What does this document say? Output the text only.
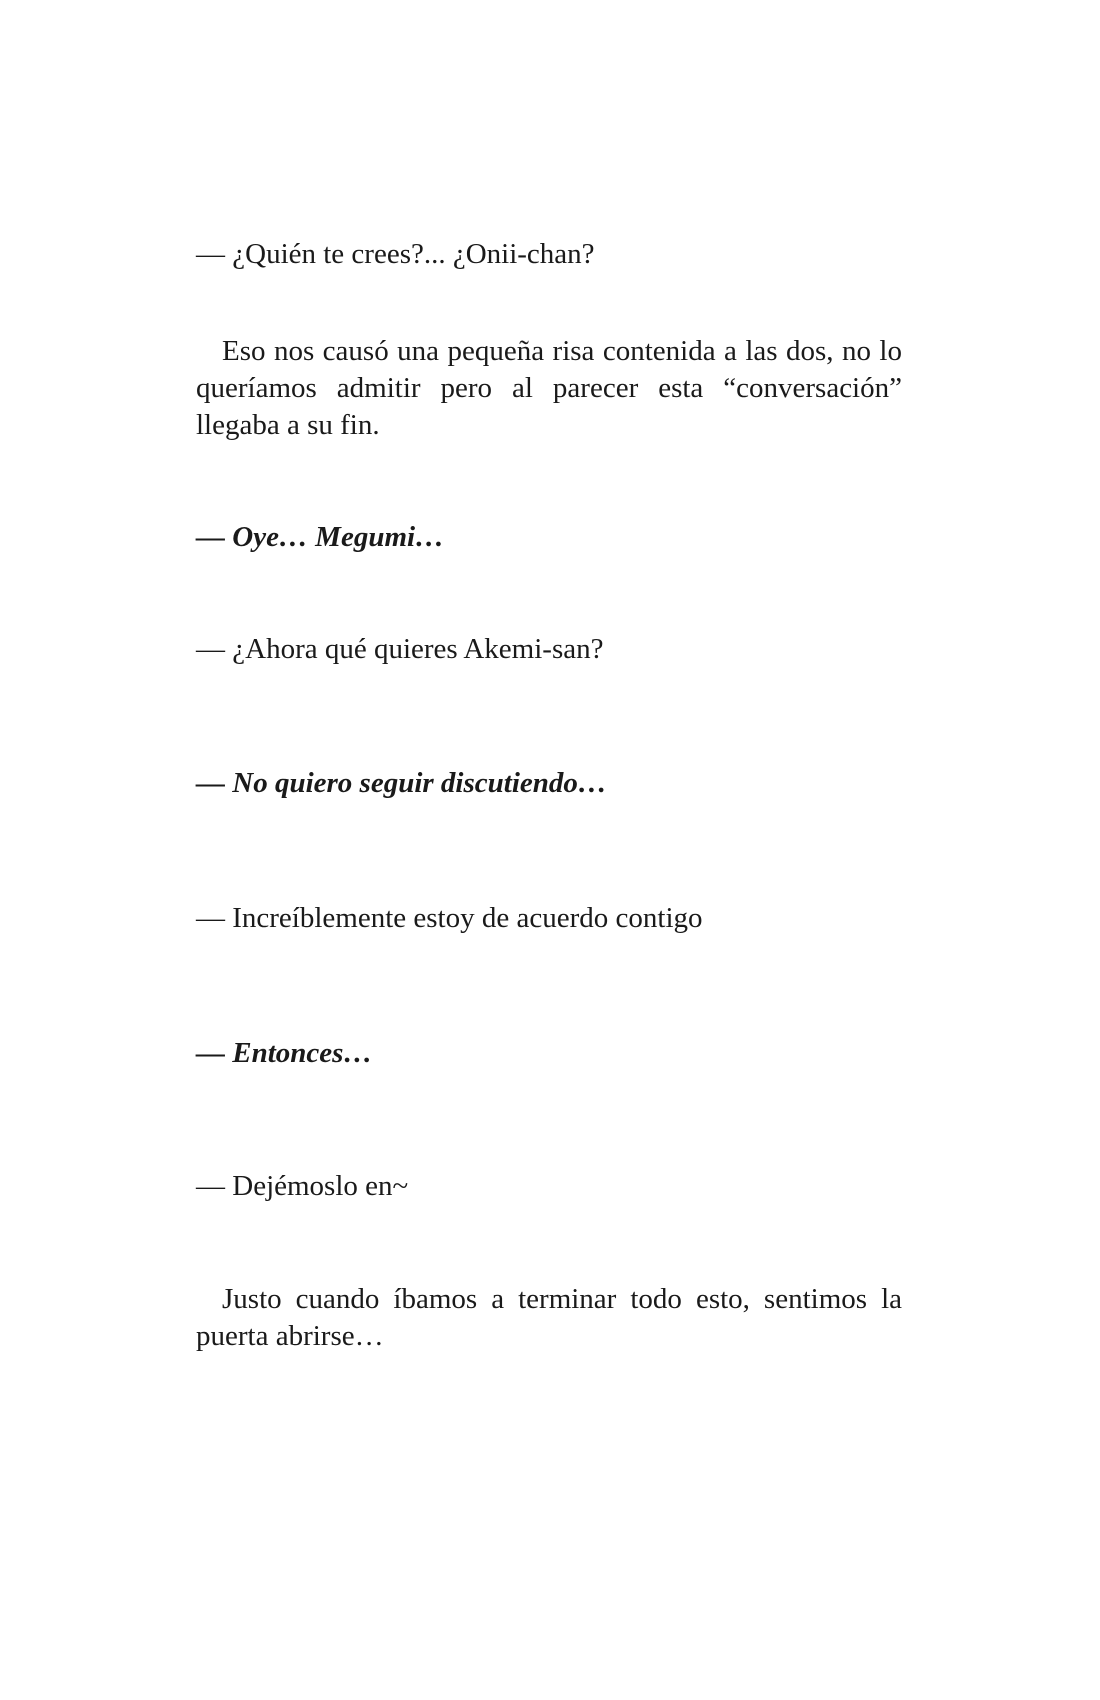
— ¿Quién te crees?... ¿Onii-chan?

Eso nos causó una pequeña risa contenida a las dos, no lo queríamos admitir pero al parecer esta “conversación” llegaba a su fin.

— Oye… Megumi…

— ¿Ahora qué quieres Akemi-san?

— No quiero seguir discutiendo…

— Increíblemente estoy de acuerdo contigo

— Entonces…

— Dejémoslo en~

Justo cuando íbamos a terminar todo esto, sentimos la puerta abrirse…
